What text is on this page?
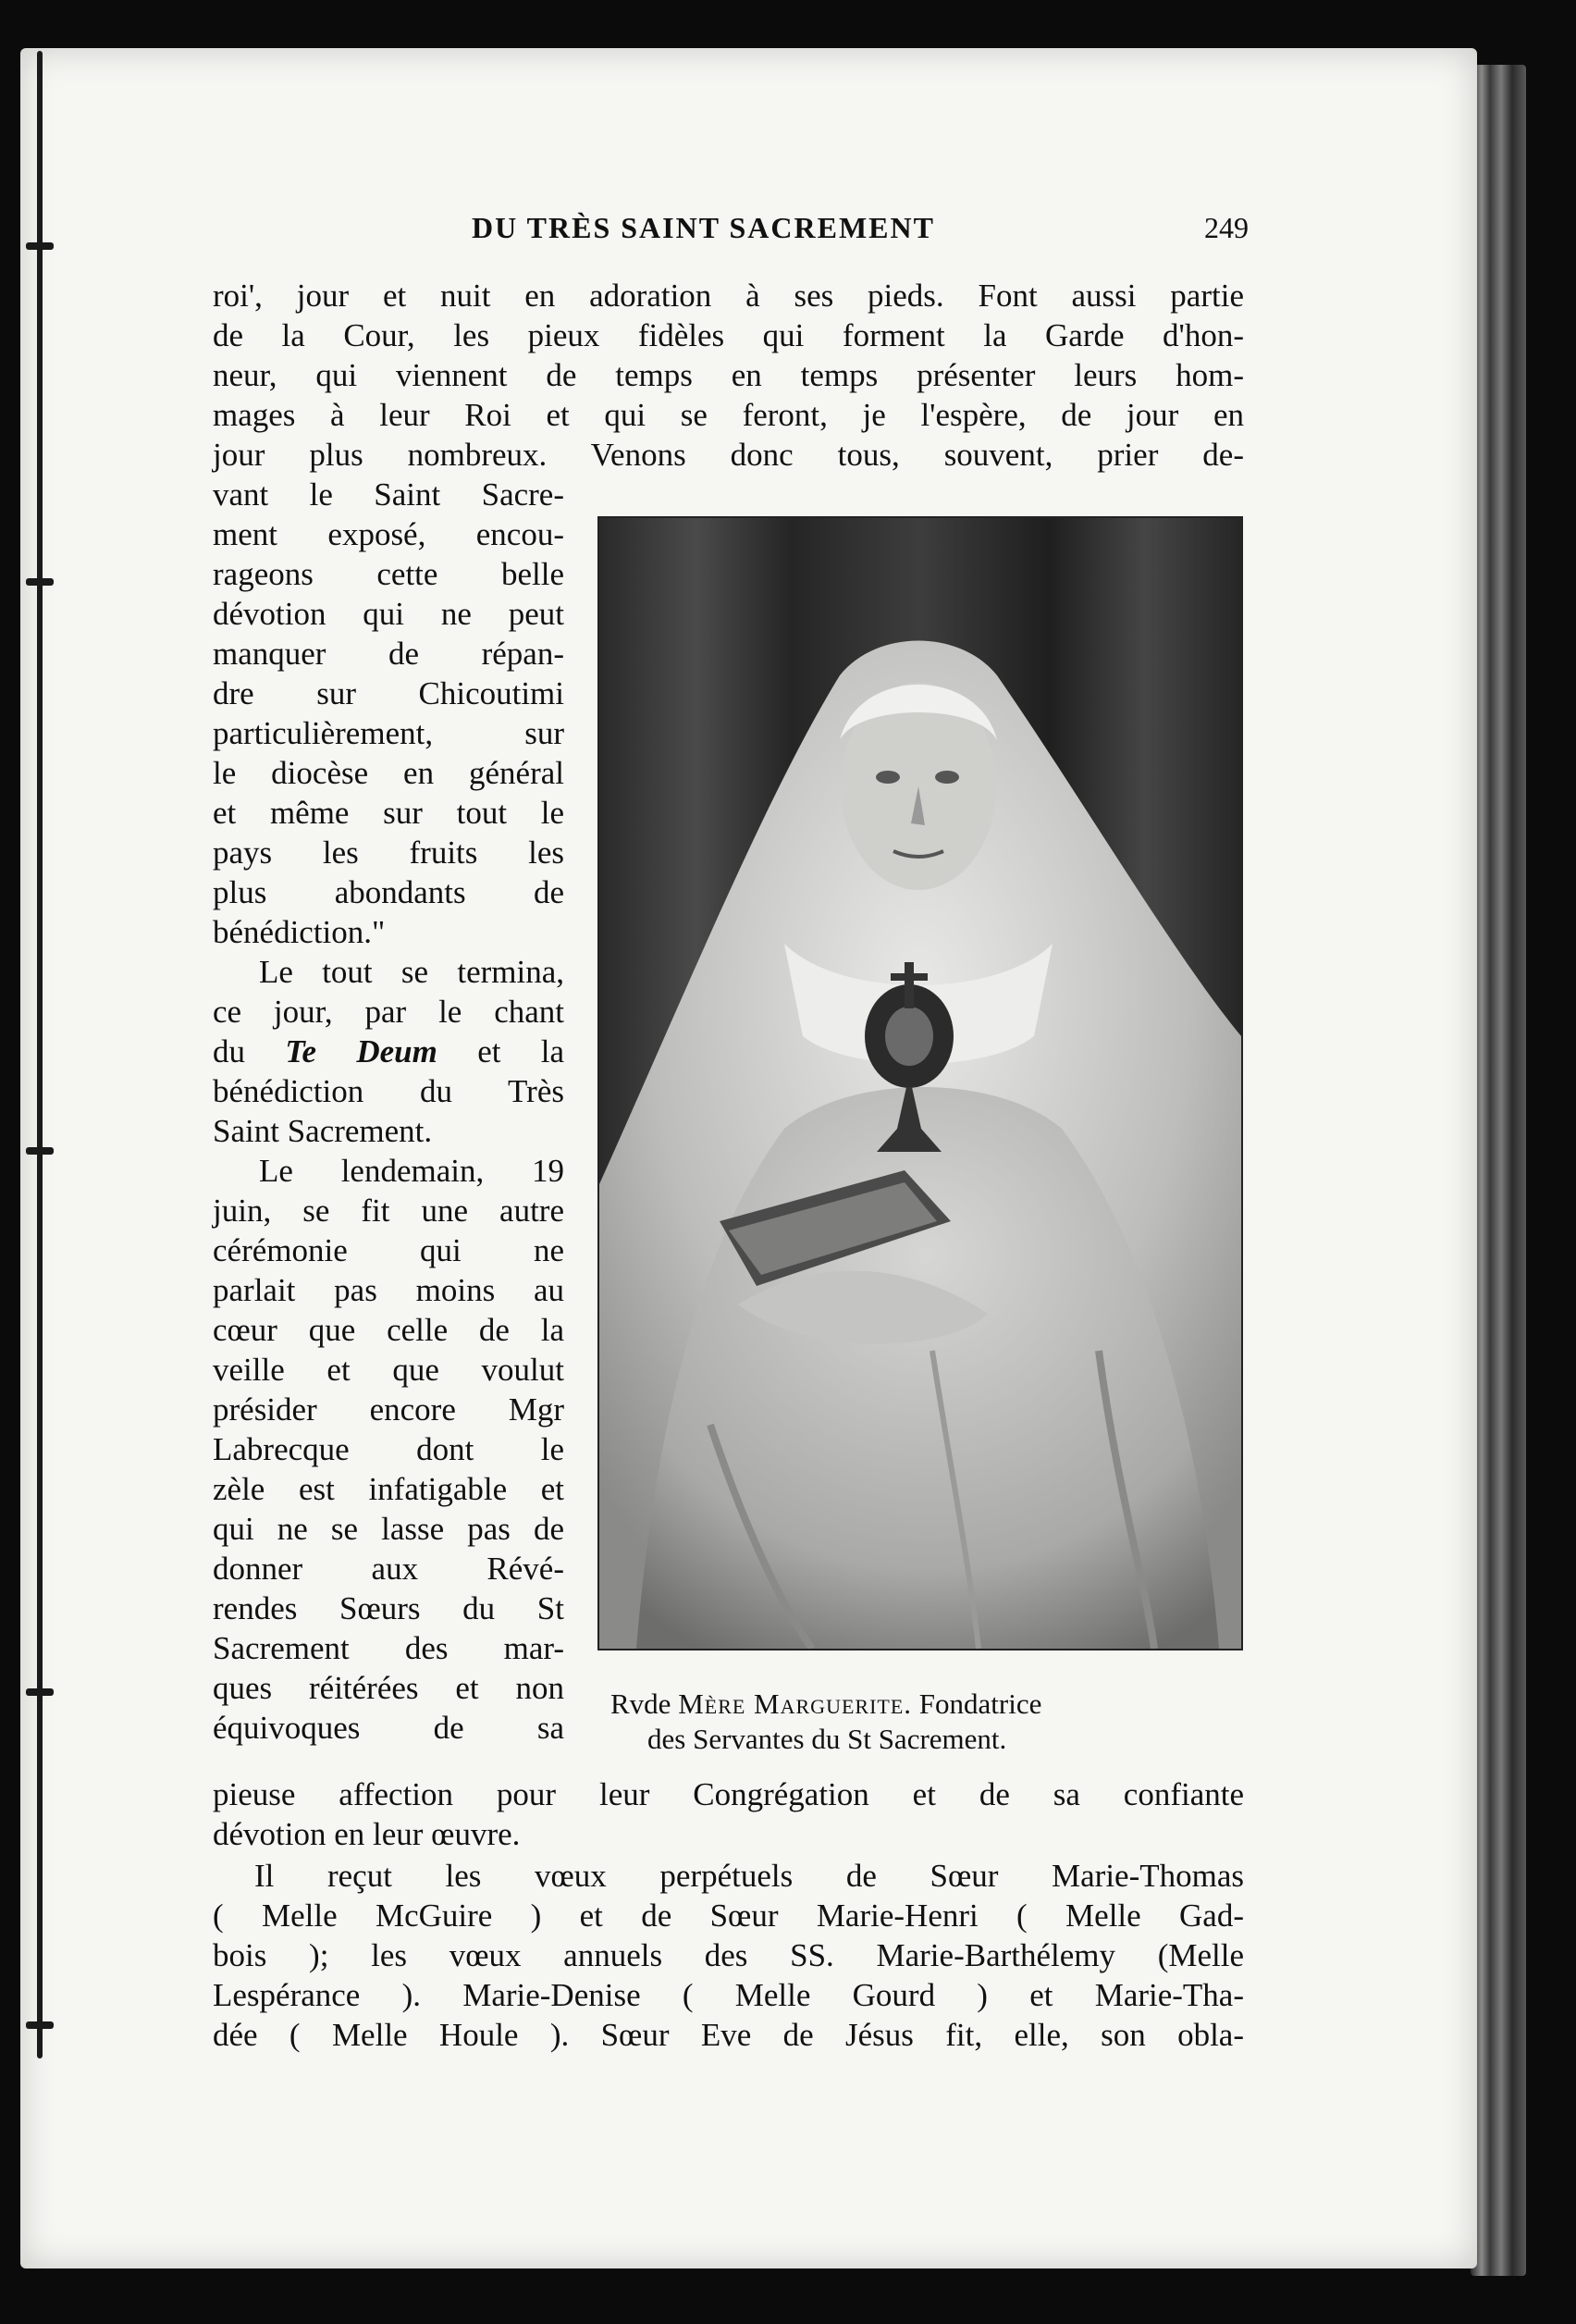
DU TRÈS SAINT SACREMENT	249

roi', jour et nuit en adoration à ses pieds. Font aussi partie

de la Cour, les pieux fidèles qui forment la Garde d'hon-

neur, qui viennent de temps en temps présenter leurs hom-

mages à leur Roi et qui se feront, je l'espère, de jour en

jour plus nombreux. Venons donc tous, souvent, prier de-

vant le Saint Sacre-

ment exposé, encou-

rageons cette belle

dévotion qui ne peut

manquer de répan-

dre sur Chicoutimi

particulièrement, sur

le diocèse en général

et même sur tout le

pays les fruits les

plus abondants de

bénédiction."

Le tout se termina,

ce jour, par le chant

du Te Deum et la

bénédiction du Très

Saint Sacrement.

Le lendemain, 19

juin, se fit une autre

cérémonie qui ne

parlait pas moins au

cœur que celle de la

veille et que voulut

présider encore Mgr

Labrecque dont le

zèle est infatigable et

qui ne se lasse pas de

donner aux Révé-

rendes Sœurs du St

Sacrement des mar-

ques réitérées et non

équivoques de sa

pieuse affection pour leur Congrégation et de sa confiante

dévotion en leur œuvre.

Il reçut les vœux perpétuels de Sœur Marie-Thomas

( Melle McGuire ) et de Sœur Marie-Henri ( Melle Gad-

bois ); les vœux annuels des SS. Marie-Barthélemy (Melle

Lespérance ). Marie-Denise ( Melle Gourd ) et Marie-Tha-

dée ( Melle Houle ). Sœur Eve de Jésus fit, elle, son obla-

Rvde Mère Marguerite. Fondatrice
des Servantes du St Sacrement.
